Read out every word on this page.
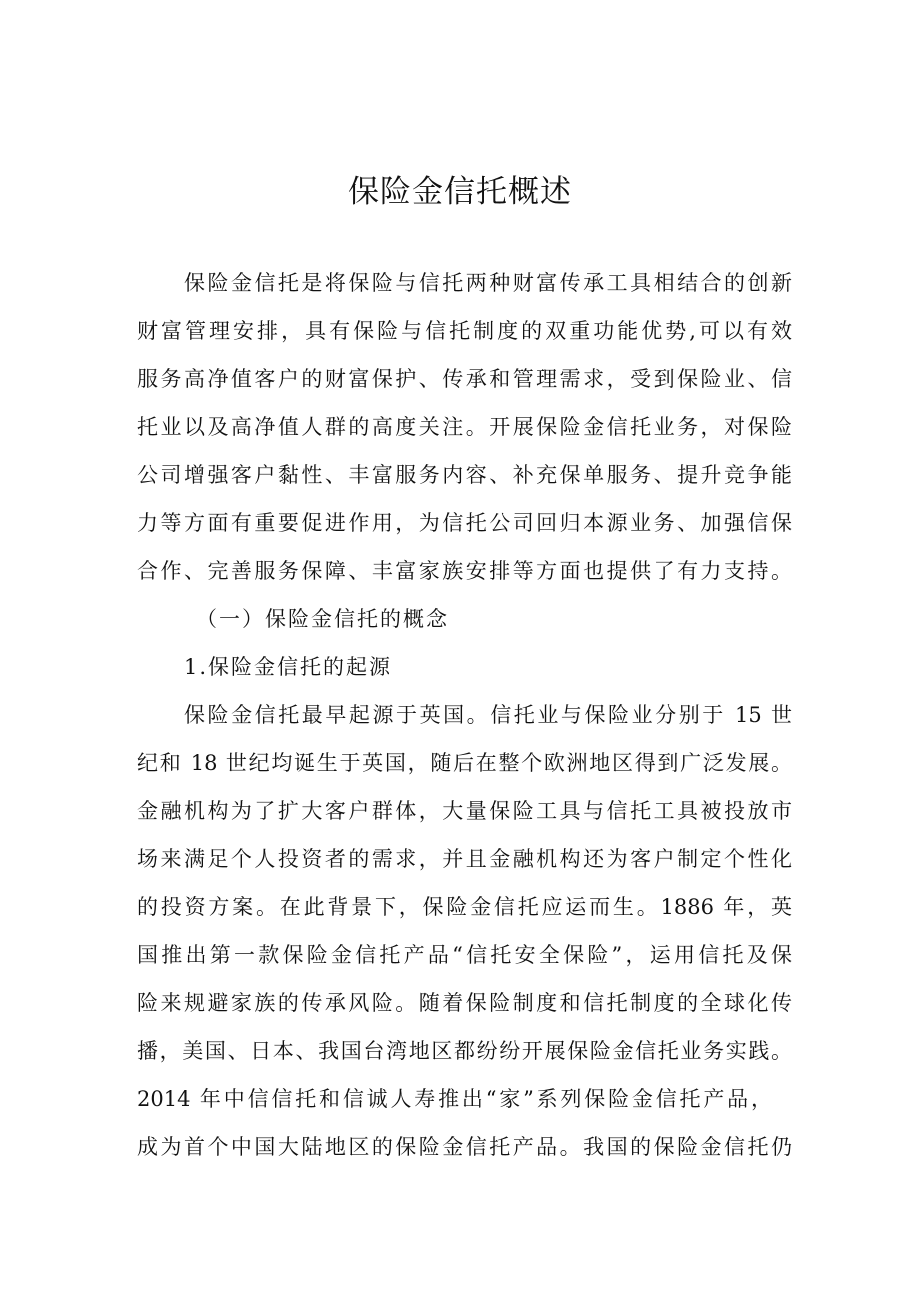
保险金信托概述
保险金信托是将保险与信托两种财富传承工具相结合的创新
财富管理安排，具有保险与信托制度的双重功能优势,可以有效
服务高净值客户的财富保护、传承和管理需求，受到保险业、信
托业以及高净值人群的高度关注。开展保险金信托业务，对保险
公司增强客户黏性、丰富服务内容、补充保单服务、提升竞争能
力等方面有重要促进作用，为信托公司回归本源业务、加强信保
合作、完善服务保障、丰富家族安排等方面也提供了有力支持。
（一）保险金信托的概念
1.保险金信托的起源
保险金信托最早起源于英国。信托业与保险业分别于 15 世
纪和 18 世纪均诞生于英国，随后在整个欧洲地区得到广泛发展。
金融机构为了扩大客户群体，大量保险工具与信托工具被投放市
场来满足个人投资者的需求，并且金融机构还为客户制定个性化
的投资方案。在此背景下，保险金信托应运而生。1886 年，英
国推出第一款保险金信托产品“信托安全保险”，运用信托及保
险来规避家族的传承风险。随着保险制度和信托制度的全球化传
播，美国、日本、我国台湾地区都纷纷开展保险金信托业务实践。
2014 年中信信托和信诚人寿推出“家”系列保险金信托产品，
成为首个中国大陆地区的保险金信托产品。我国的保险金信托仍
